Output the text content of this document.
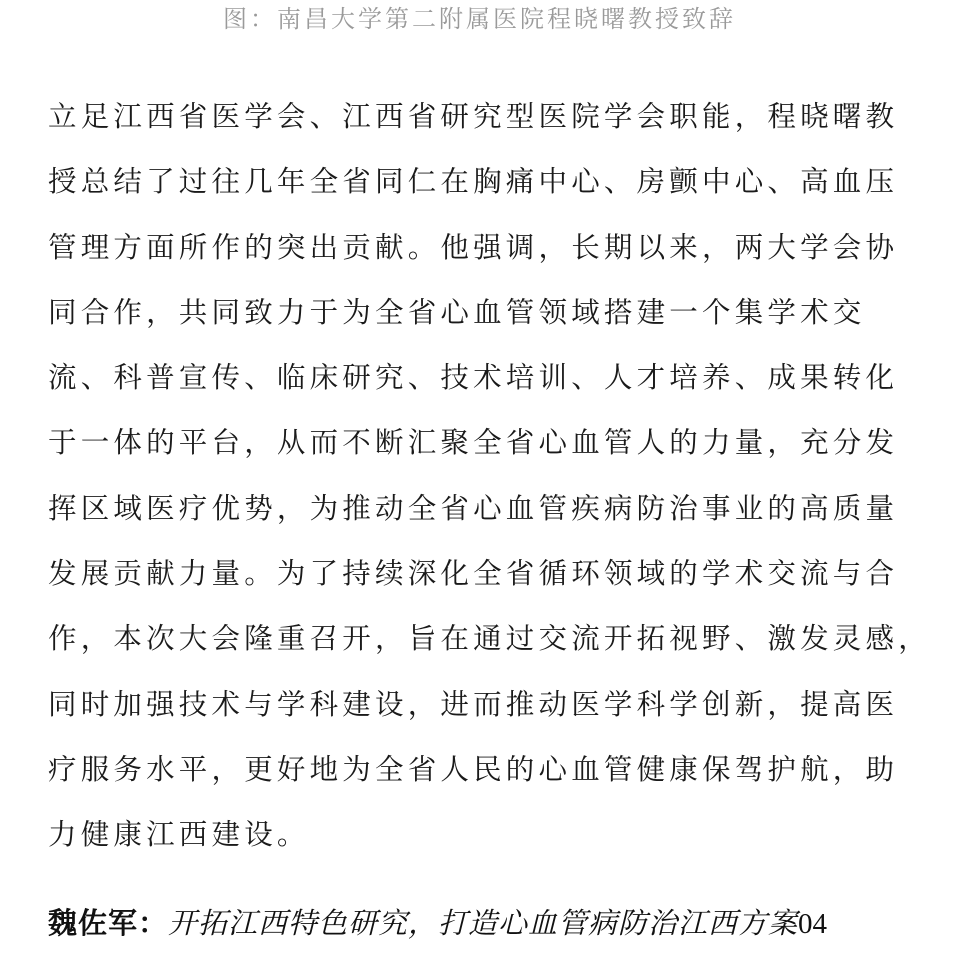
图：南昌大学第二附属医院程晓曙教授致辞
立足江西省医学会、江西省研究型医院学会职能，程晓曙教
授总结了过往几年全省同仁在胸痛中心、房颤中心、高血压
管理方面所作的突出贡献。他强调，长期以来，两大学会协
同合作，共同致力于为全省心血管领域搭建一个集学术交
流、科普宣传、临床研究、技术培训、人才培养、成果转化
于一体的平台，从而不断汇聚全省心血管人的力量，充分发
挥区域医疗优势，为推动全省心血管疾病防治事业的高质量
发展贡献力量。为了持续深化全省循环领域的学术交流与合
作，本次大会隆重召开，旨在通过交流开拓视野、激发灵感，
同时加强技术与学科建设，进而推动医学科学创新，提高医
疗服务水平，更好地为全省人民的心血管健康保驾护航，助
力健康江西建设。
魏佐军：开拓江西特色研究，打造心血管病防治江西方案04
